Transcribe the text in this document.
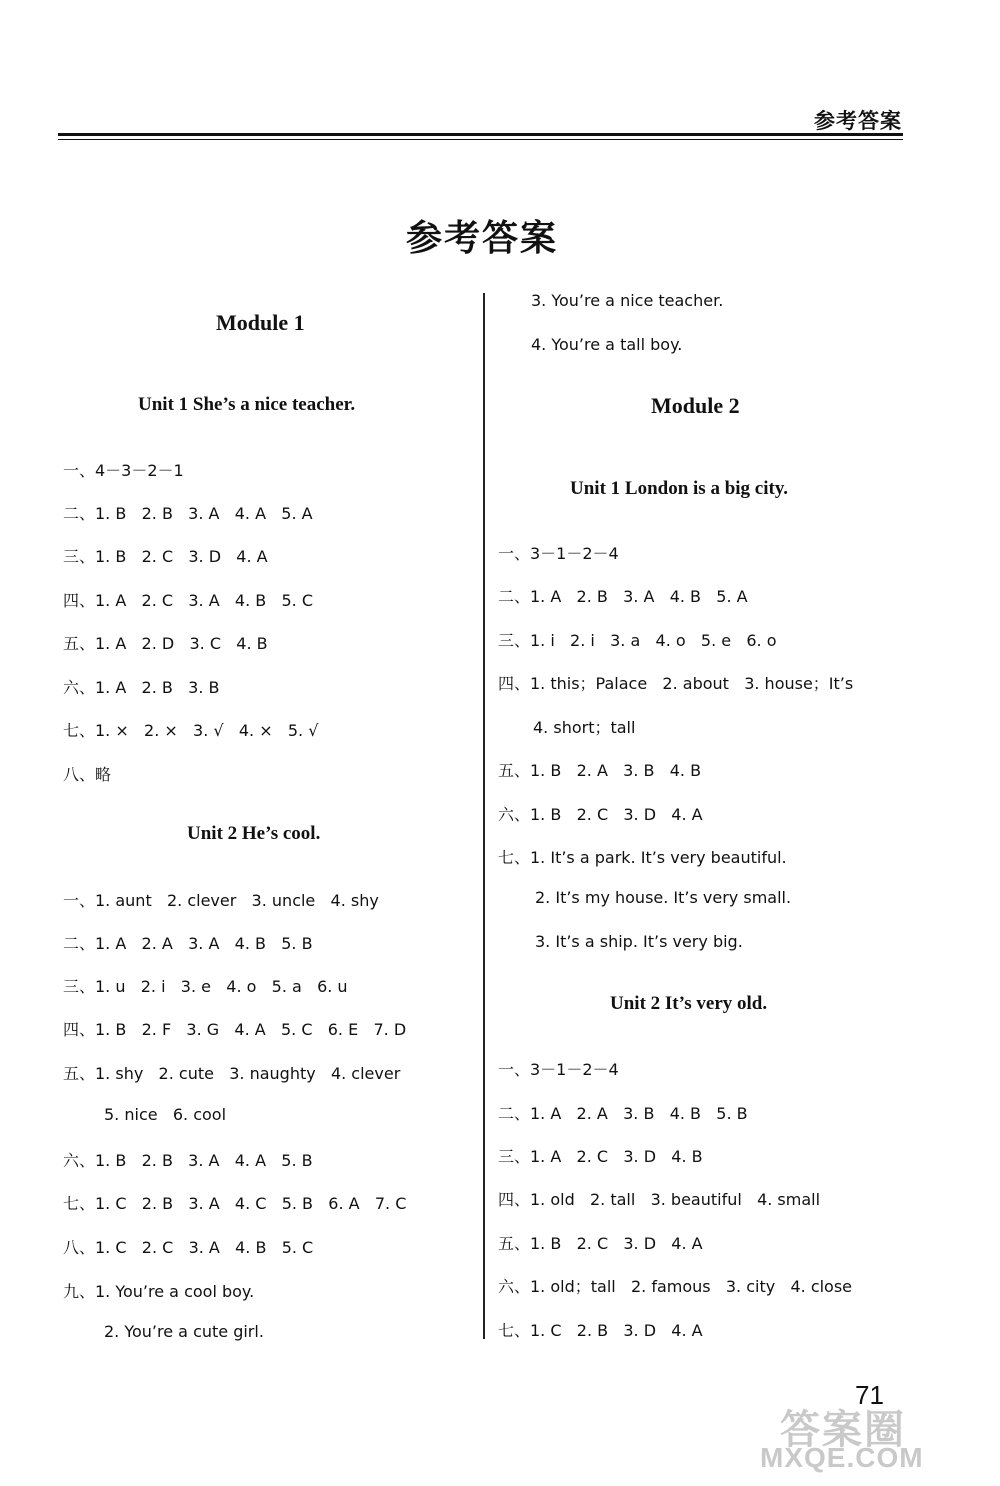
参考答案
参考答案
Module 1
Unit 1 She’s a nice teacher.
一、4－3－2－1
二、1. B   2. B   3. A   4. A   5. A
三、1. B   2. C   3. D   4. A
四、1. A   2. C   3. A   4. B   5. C
五、1. A   2. D   3. C   4. B
六、1. A   2. B   3. B
七、1. ×   2. ×   3. √   4. ×   5. √
八、略
Unit 2 He’s cool.
一、1. aunt   2. clever   3. uncle   4. shy
二、1. A   2. A   3. A   4. B   5. B
三、1. u   2. i   3. e   4. o   5. a   6. u
四、1. B   2. F   3. G   4. A   5. C   6. E   7. D
五、1. shy   2. cute   3. naughty   4. clever
5. nice   6. cool
六、1. B   2. B   3. A   4. A   5. B
七、1. C   2. B   3. A   4. C   5. B   6. A   7. C
八、1. C   2. C   3. A   4. B   5. C
九、1. You’re a cool boy.
2. You’re a cute girl.
3. You’re a nice teacher.
4. You’re a tall boy.
Module 2
Unit 1 London is a big city.
一、3－1－2－4
二、1. A   2. B   3. A   4. B   5. A
三、1. i   2. i   3. a   4. o   5. e   6. o
四、1. this；Palace   2. about   3. house；It’s
4. short；tall
五、1. B   2. A   3. B   4. B
六、1. B   2. C   3. D   4. A
七、1. It’s a park. It’s very beautiful.
2. It’s my house. It’s very small.
3. It’s a ship. It’s very big.
Unit 2 It’s very old.
一、3－1－2－4
二、1. A   2. A   3. B   4. B   5. B
三、1. A   2. C   3. D   4. B
四、1. old   2. tall   3. beautiful   4. small
五、1. B   2. C   3. D   4. A
六、1. old；tall   2. famous   3. city   4. close
七、1. C   2. B   3. D   4. A
71
答案圈
MXQE.COM
